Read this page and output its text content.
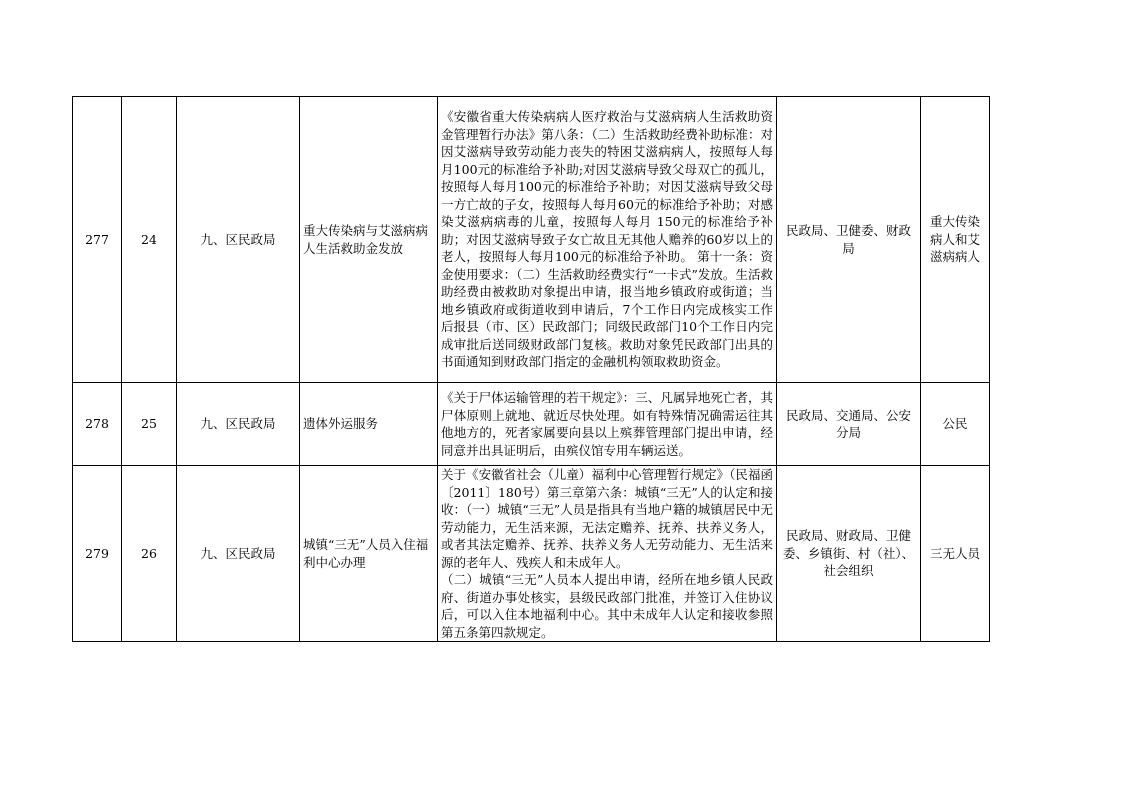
277	24	九、区民政局	重大传染病与艾滋病病人生活救助金发放	《安徽省重大传染病病人医疗救治与艾滋病病人生活救助资金管理暂行办法》第八条：（二）生活救助经费补助标准：对因艾滋病导致劳动能力丧失的特困艾滋病病人，按照每人每月100元的标准给予补助;对因艾滋病导致父母双亡的孤儿，按照每人每月100元的标准给予补助；对因艾滋病导致父母一方亡故的子女，按照每人每月60元的标准给予补助；对感染艾滋病病毒的儿童，按照每人每月 150元的标准给予补助；对因艾滋病导致子女亡故且无其他人赡养的60岁以上的老人，按照每人每月100元的标准给予补助。 第十一条：资金使用要求：（二）生活救助经费实行“一卡式”发放。生活救助经费由被救助对象提出申请，报当地乡镇政府或街道；当地乡镇政府或街道收到申请后，7个工作日内完成核实工作后报县（市、区）民政部门；同级民政部门10个工作日内完成审批后送同级财政部门复核。救助对象凭民政部门出具的书面通知到财政部门指定的金融机构领取救助资金。	民政局、卫健委、财政局	重大传染病人和艾滋病病人
278	25	九、区民政局	遗体外运服务	《关于尸体运输管理的若干规定》：三、凡属异地死亡者，其尸体原则上就地、就近尽快处理。如有特殊情况确需运往其他地方的，死者家属要向县以上殡葬管理部门提出申请，经同意并出具证明后，由殡仪馆专用车辆运送。	民政局、交通局、公安分局	公民
279	26	九、区民政局	城镇“三无”人员入住福利中心办理	关于《安徽省社会（儿童）福利中心管理暂行规定》（民福函〔2011〕180号）第三章第六条：城镇“三无”人的认定和接收：（一）城镇“三无”人员是指具有当地户籍的城镇居民中无劳动能力，无生活来源，无法定赡养、抚养、扶养义务人，或者其法定赡养、抚养、扶养义务人无劳动能力、无生活来源的老年人、残疾人和未成年人。
（二）城镇“三无”人员本人提出申请，经所在地乡镇人民政府、街道办事处核实，县级民政部门批准，并签订入住协议后，可以入住本地福利中心。其中未成年人认定和接收参照第五条第四款规定。	民政局、财政局、卫健委、乡镇街、村（社）、社会组织	三无人员
